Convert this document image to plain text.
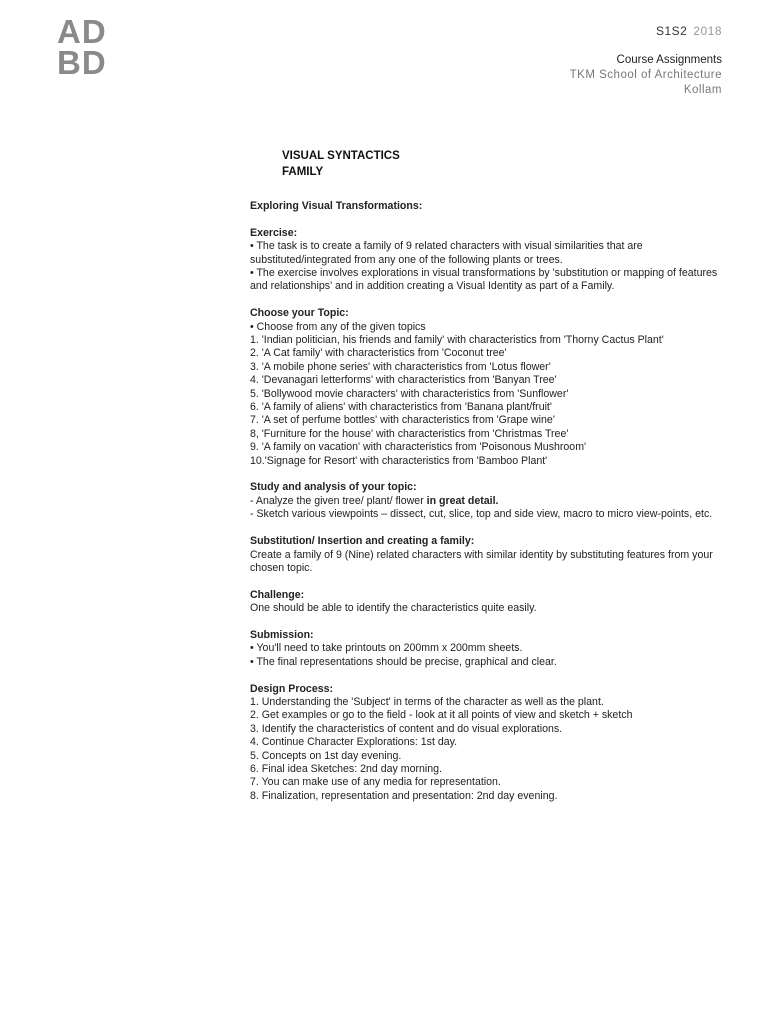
AD
BD
S1S2 2018
Course Assignments
TKM School of Architecture
Kollam
VISUAL SYNTACTICS
FAMILY

Exploring Visual Transformations:

Exercise:

• The task is to create a family of 9 related characters with visual similarities that are substituted/integrated from any one of the following plants or trees.

• The exercise involves explorations in visual transformations by 'substitution or mapping of features and relationships' and in addition creating a Visual Identity as part of a Family.

Choose your Topic:

• Choose from any of the given topics

1. 'Indian politician, his friends and family' with characteristics from 'Thorny Cactus Plant'

2. 'A Cat family' with characteristics from 'Coconut tree'

3. 'A mobile phone series' with characteristics from 'Lotus flower'

4. 'Devanagari letterforms' with characteristics from 'Banyan Tree'

5. 'Bollywood movie characters' with characteristics from 'Sunflower'

6. 'A family of aliens' with characteristics from 'Banana plant/fruit'

7. 'A set of perfume bottles' with characteristics from 'Grape wine'

8, 'Furniture for the house' with characteristics from 'Christmas Tree'

9. 'A family on vacation' with characteristics from 'Poisonous Mushroom'

10.'Signage for Resort' with characteristics from 'Bamboo Plant'

Study and analysis of your topic:

- Analyze the given tree/ plant/ flower in great detail.

- Sketch various viewpoints – dissect, cut, slice, top and side view, macro to micro view-points, etc.

Substitution/ Insertion and creating a family:

Create a family of 9 (Nine) related characters with similar identity by substituting features from your chosen topic.

Challenge:

One should be able to identify the characteristics quite easily.

Submission:

• You'll need to take printouts on 200mm x 200mm sheets.

• The final representations should be precise, graphical and clear.

Design Process:

1. Understanding the 'Subject' in terms of the character as well as the plant.

2. Get examples or go to the field - look at it all points of view and sketch + sketch

3. Identify the characteristics of content and do visual explorations.

4. Continue Character Explorations: 1st day.

5. Concepts on 1st day evening.

6. Final idea Sketches: 2nd day morning.

7. You can make use of any media for representation.

8. Finalization, representation and presentation: 2nd day evening.
